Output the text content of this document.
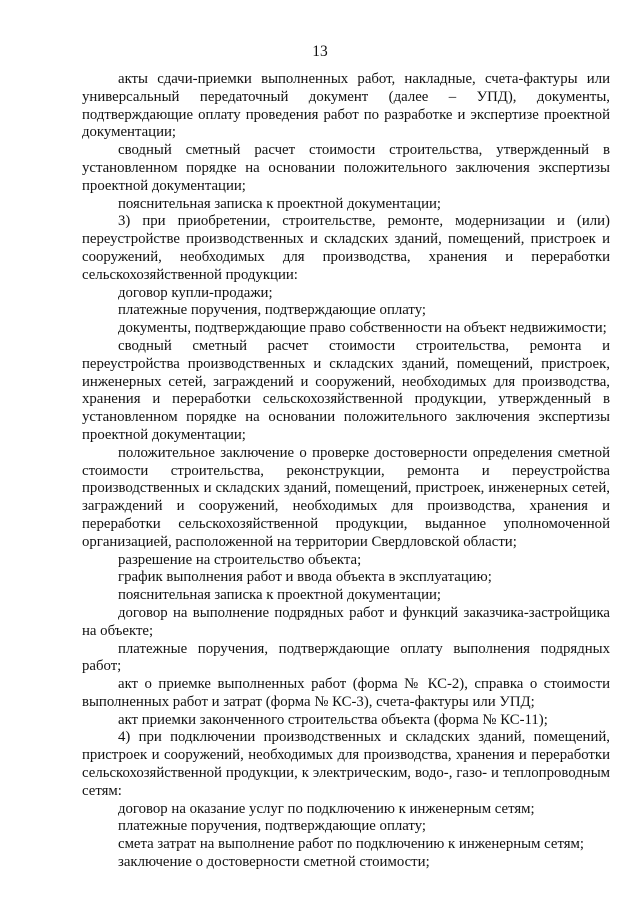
13

акты сдачи-приемки выполненных работ, накладные, счета-фактуры или универсальный передаточный документ (далее – УПД), документы, подтверждающие оплату проведения работ по разработке и экспертизе проектной документации;

сводный сметный расчет стоимости строительства, утвержденный в установленном порядке на основании положительного заключения экспертизы проектной документации;

пояснительная записка к проектной документации;

3) при приобретении, строительстве, ремонте, модернизации и (или) переустройстве производственных и складских зданий, помещений, пристроек и сооружений, необходимых для производства, хранения и переработки сельскохозяйственной продукции:

договор купли-продажи;

платежные поручения, подтверждающие оплату;

документы, подтверждающие право собственности на объект недвижимости;

сводный сметный расчет стоимости строительства, ремонта и переустройства производственных и складских зданий, помещений, пристроек, инженерных сетей, заграждений и сооружений, необходимых для производства, хранения и переработки сельскохозяйственной продукции, утвержденный в установленном порядке на основании положительного заключения экспертизы проектной документации;

положительное заключение о проверке достоверности определения сметной стоимости строительства, реконструкции, ремонта и переустройства производственных и складских зданий, помещений, пристроек, инженерных сетей, заграждений и сооружений, необходимых для производства, хранения и переработки сельскохозяйственной продукции, выданное уполномоченной организацией, расположенной на территории Свердловской области;

разрешение на строительство объекта;

график выполнения работ и ввода объекта в эксплуатацию;

пояснительная записка к проектной документации;

договор на выполнение подрядных работ и функций заказчика-застройщика на объекте;

платежные поручения, подтверждающие оплату выполнения подрядных работ;

акт о приемке выполненных работ (форма № КС-2), справка о стоимости выполненных работ и затрат (форма № КС-3), счета-фактуры или УПД;

акт приемки законченного строительства объекта (форма № КС-11);

4) при подключении производственных и складских зданий, помещений, пристроек и сооружений, необходимых для производства, хранения и переработки сельскохозяйственной продукции, к электрическим, водо-, газо- и теплопроводным сетям:

договор на оказание услуг по подключению к инженерным сетям;

платежные поручения, подтверждающие оплату;

смета затрат на выполнение работ по подключению к инженерным сетям;

заключение о достоверности сметной стоимости;
